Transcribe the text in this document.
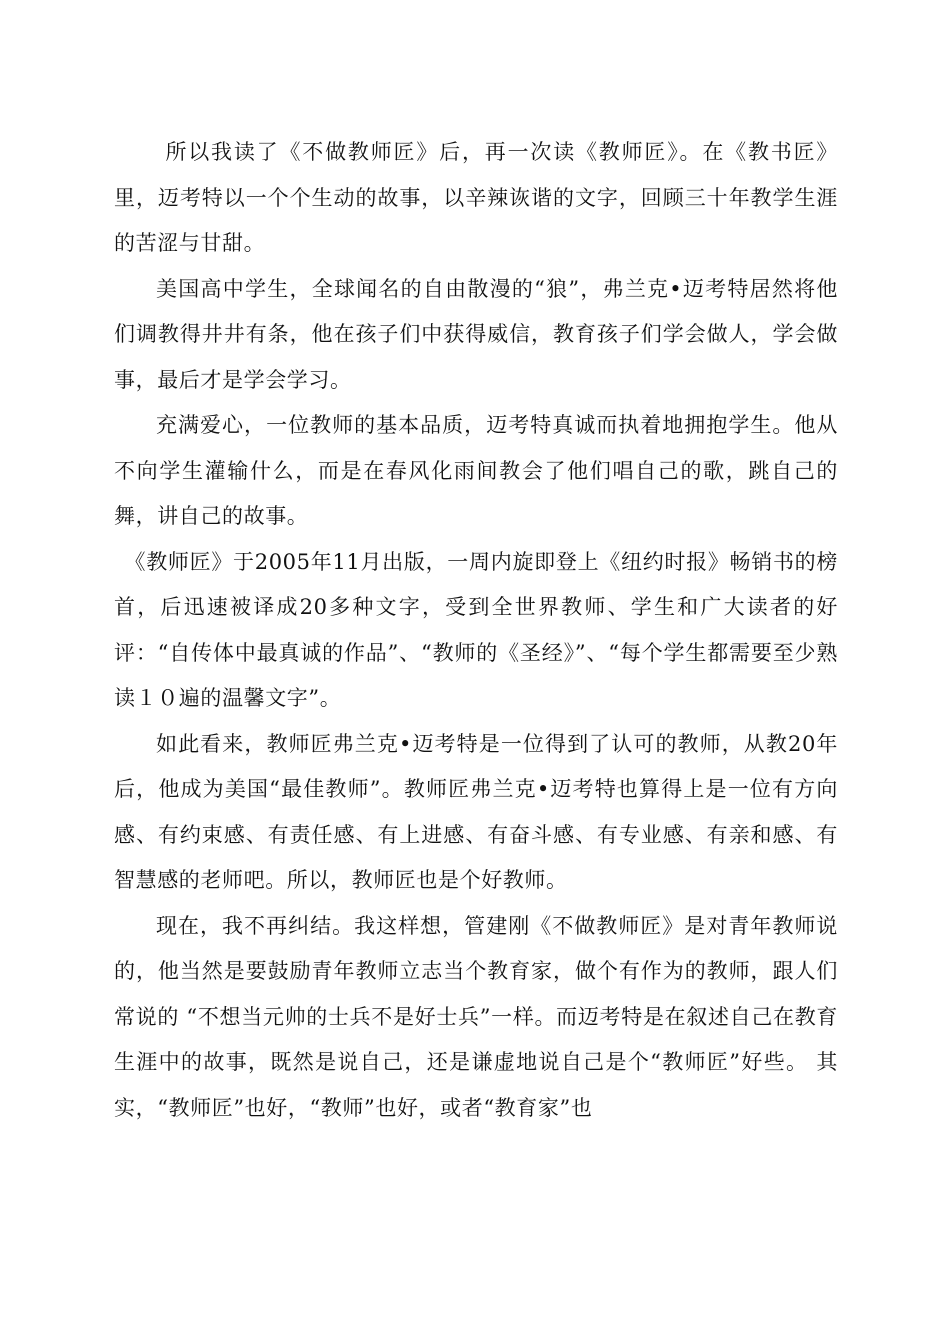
所以我读了《不做教师匠》后，再一次读《教师匠》。在《教书匠》里，迈考特以一个个生动的故事，以辛辣诙谐的文字，回顾三十年教学生涯的苦涩与甘甜。

美国高中学生，全球闻名的自由散漫的“狼”，弗兰克•迈考特居然将他们调教得井井有条，他在孩子们中获得威信，教育孩子们学会做人，学会做事，最后才是学会学习。

充满爱心，一位教师的基本品质，迈考特真诚而执着地拥抱学生。他从不向学生灌输什么，而是在春风化雨间教会了他们唱自己的歌，跳自己的舞，讲自己的故事。

《教师匠》于2005年11月出版，一周内旋即登上《纽约时报》畅销书的榜首，后迅速被译成20多种文字，受到全世界教师、学生和广大读者的好评：“自传体中最真诚的作品”、“教师的《圣经》”、“每个学生都需要至少熟读１０遍的温馨文字”。

如此看来，教师匠弗兰克•迈考特是一位得到了认可的教师，从教20年后，他成为美国“最佳教师”。教师匠弗兰克•迈考特也算得上是一位有方向感、有约束感、有责任感、有上进感、有奋斗感、有专业感、有亲和感、有智慧感的老师吧。所以，教师匠也是个好教师。

现在，我不再纠结。我这样想，管建刚《不做教师匠》是对青年教师说的，他当然是要鼓励青年教师立志当个教育家，做个有作为的教师，跟人们常说的 “不想当元帅的士兵不是好士兵”一样。而迈考特是在叙述自己在教育生涯中的故事，既然是说自己，还是谦虚地说自己是个“教师匠”好些。 其实，“教师匠”也好，“教师”也好，或者“教育家”也
